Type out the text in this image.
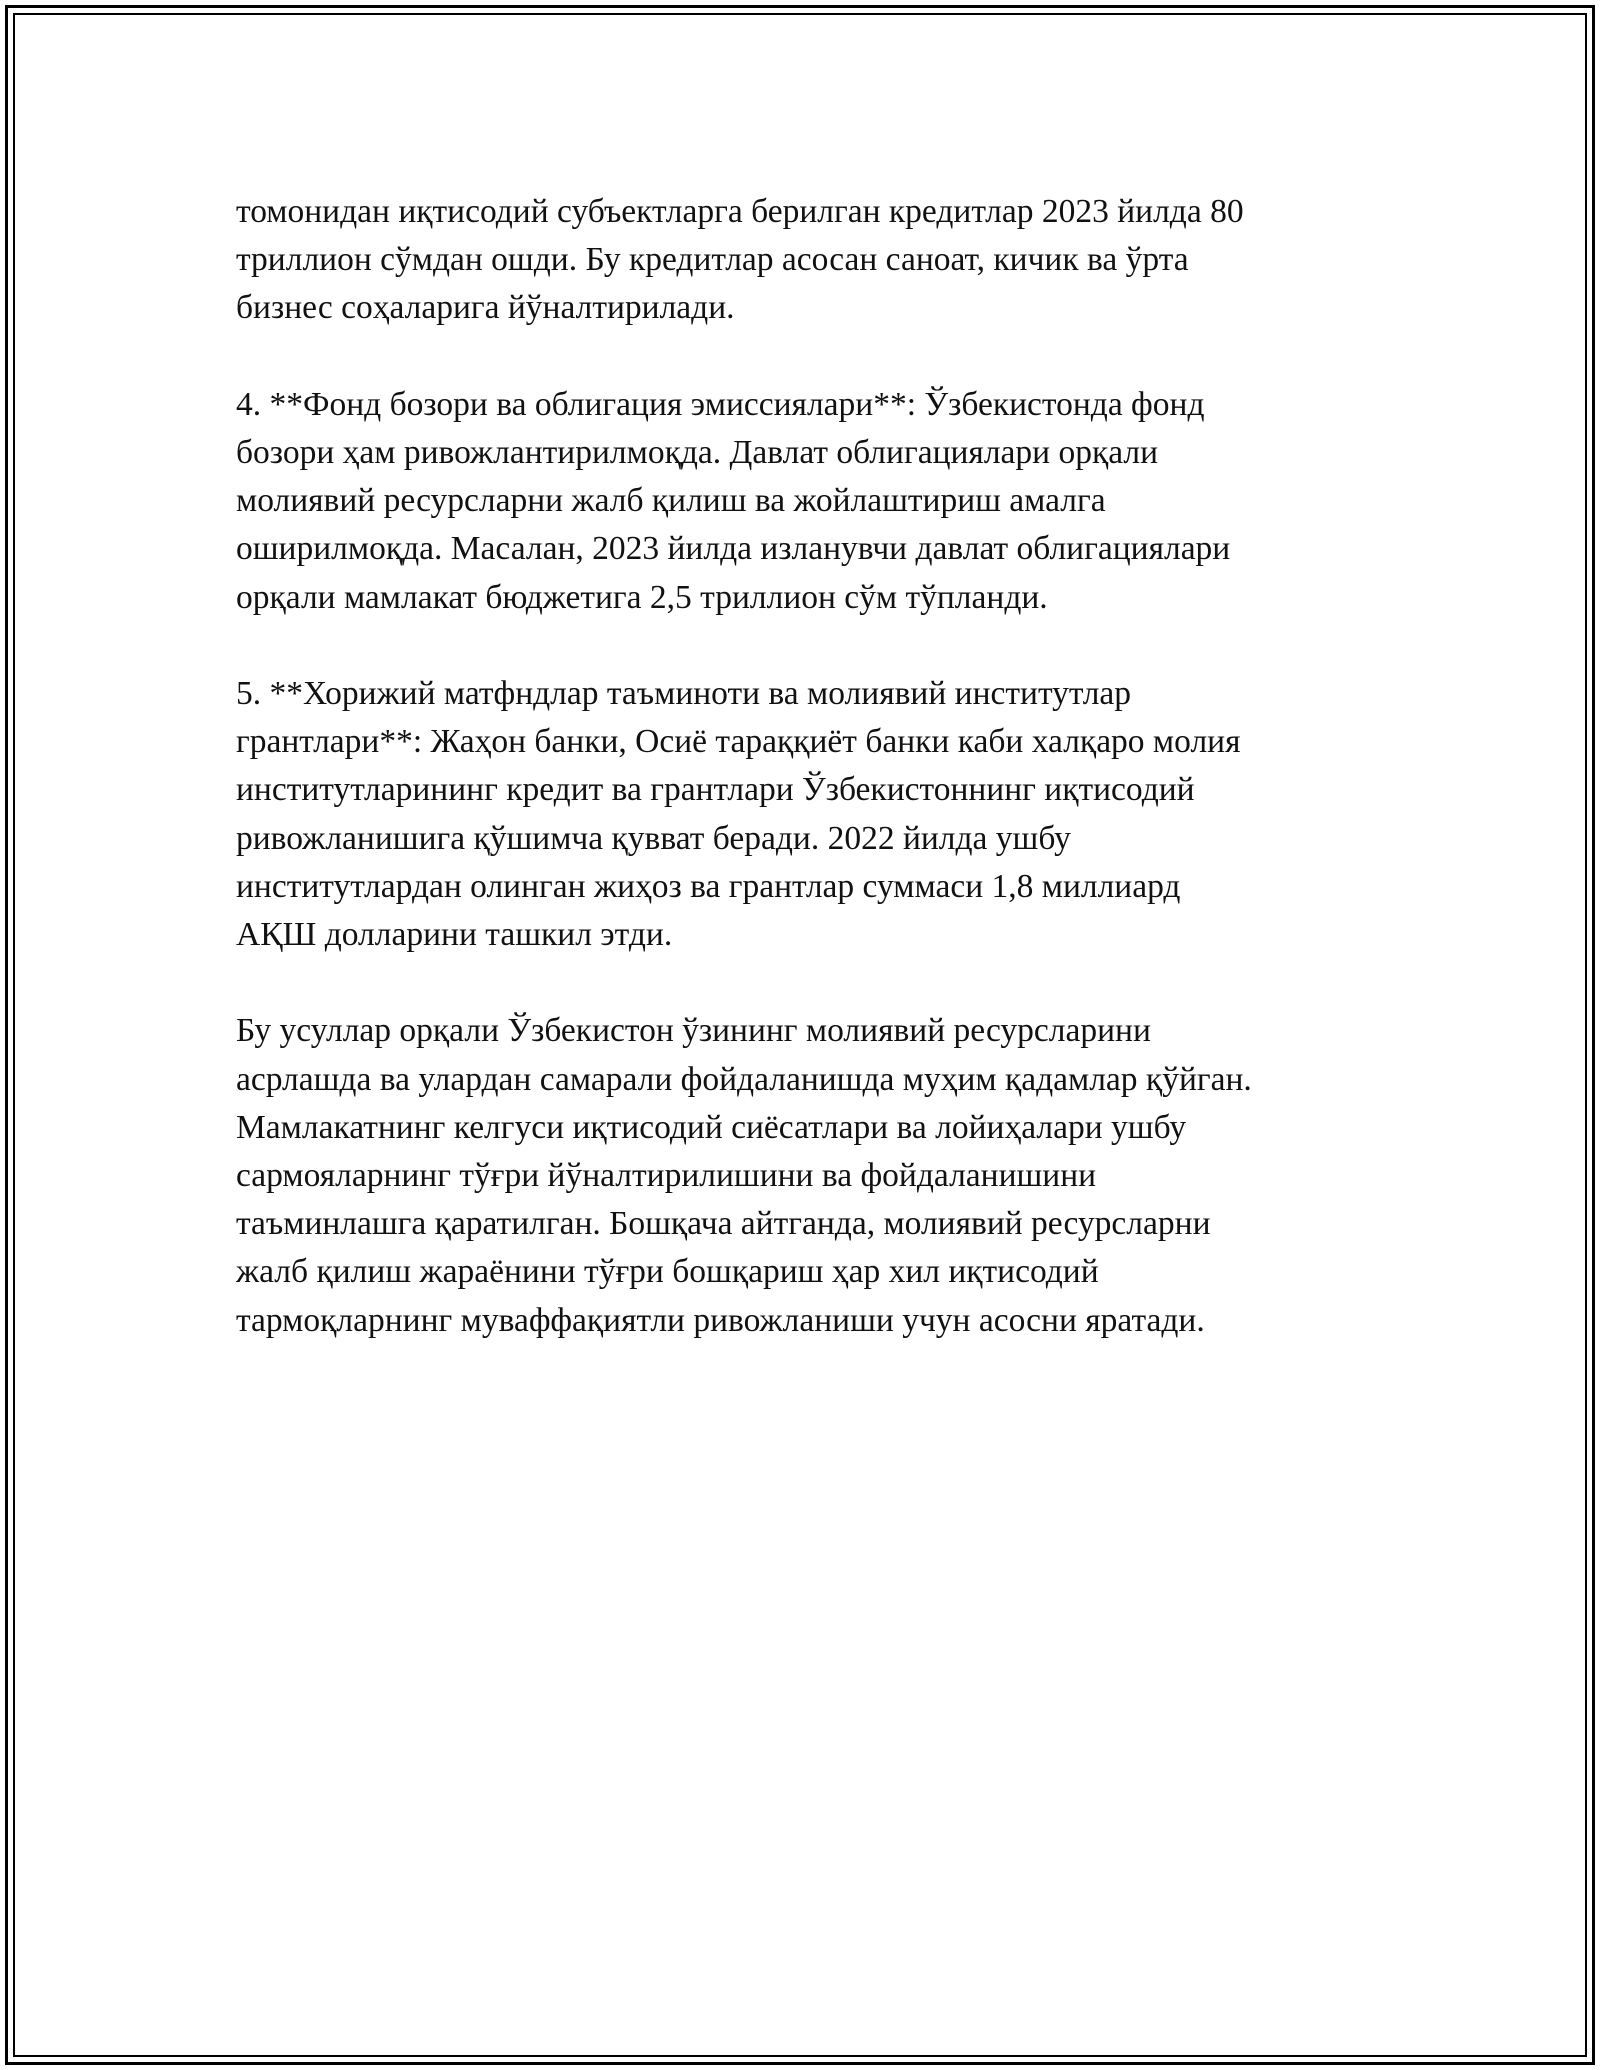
томонидан иқтисодий субъектларга берилган кредитлар 2023 йилда 80
триллион сўмдан ошди. Бу кредитлар асосан саноат, кичик ва ўрта
бизнес соҳаларига йўналтирилади.

4. **Фонд бозори ва облигация эмиссиялари**: Ўзбекистонда фонд
бозори ҳам ривожлантирилмоқда. Давлат облигациялари орқали
молиявий ресурсларни жалб қилиш ва жойлаштириш амалга
оширилмоқда. Масалан, 2023 йилда изланувчи давлат облигациялари
орқали мамлакат бюджетига 2,5 триллион сўм тўпланди.

5. **Хорижий матфндлар таъминоти ва молиявий институтлар
грантлари**: Жаҳон банки, Осиё тараққиёт банки каби халқаро молия
институтларининг кредит ва грантлари Ўзбекистоннинг иқтисодий
ривожланишига қўшимча қувват беради. 2022 йилда ушбу
институтлардан олинган жиҳоз ва грантлар суммаси 1,8 миллиард
АҚШ долларини ташкил этди.

Бу усуллар орқали Ўзбекистон ўзининг молиявий ресурсларини
асрлашда ва улардан самарали фойдаланишда муҳим қадамлар қўйган.
Мамлакатнинг келгуси иқтисодий сиёсатлари ва лойиҳалари ушбу
сармояларнинг тўғри йўналтирилишини ва фойдаланишини
таъминлашга қаратилган. Бошқача айтганда, молиявий ресурсларни
жалб қилиш жараёнини тўғри бошқариш ҳар хил иқтисодий
тармоқларнинг муваффақиятли ривожланиши учун асосни яратади.
